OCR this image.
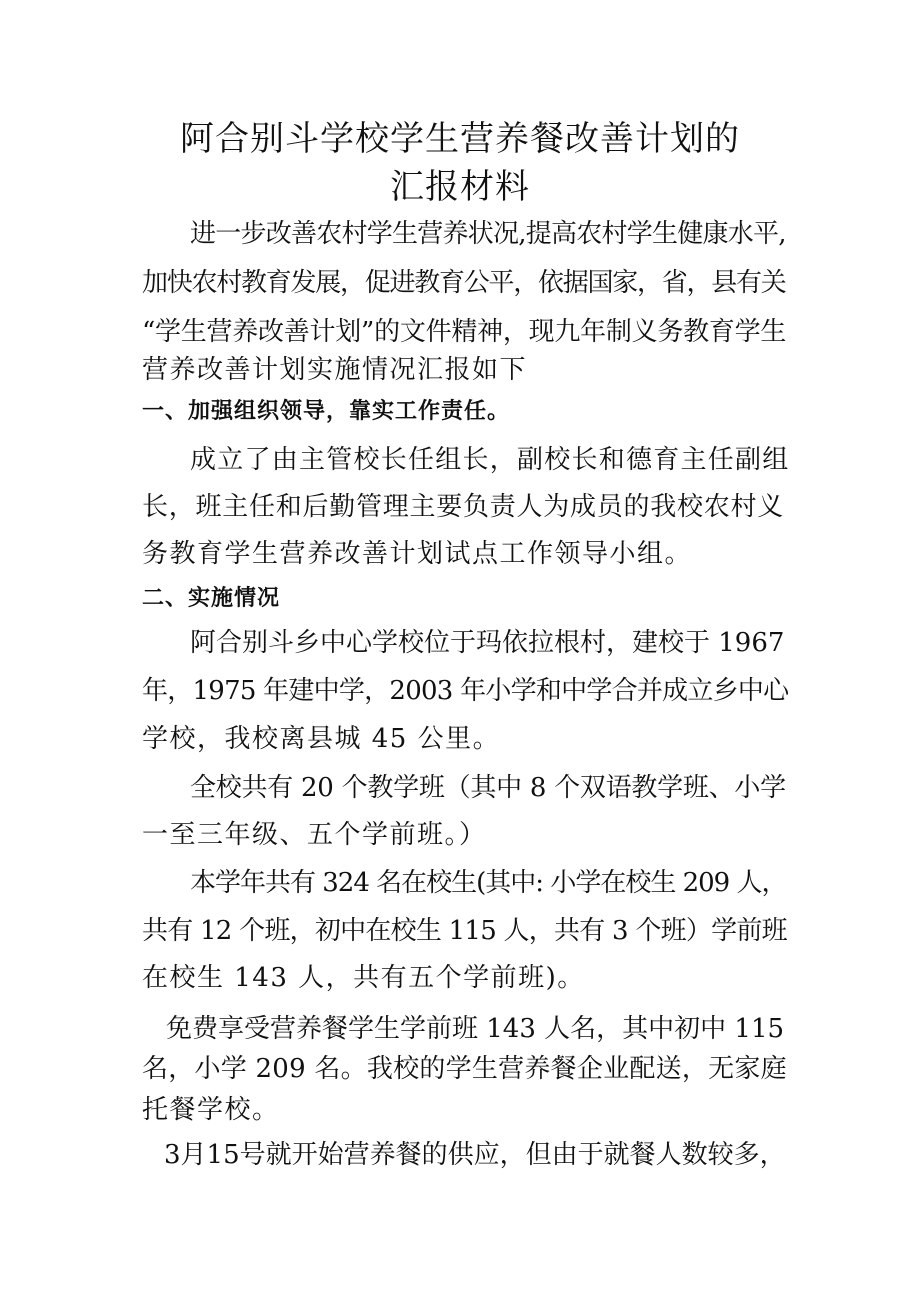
阿合别斗学校学生营养餐改善计划的
汇报材料
进一步改善农村学生营养状况,提高农村学生健康水平,
加快农村教育发展，促进教育公平，依据国家，省，县有关
“学生营养改善计划”的文件精神，现九年制义务教育学生
营养改善计划实施情况汇报如下
一、加强组织领导，靠实工作责任。
成立了由主管校长任组长，副校长和德育主任副组
长，班主任和后勤管理主要负责人为成员的我校农村义
务教育学生营养改善计划试点工作领导小组。
二、实施情况
阿合别斗乡中心学校位于玛依拉根村，建校于 1967
年，1975 年建中学，2003 年小学和中学合并成立乡中心
学校，我校离县城 45 公里。
全校共有 20 个教学班（其中 8 个双语教学班、小学
一至三年级、五个学前班。）
本学年共有 324 名在校生(其中: 小学在校生 209 人，
共有 12 个班，初中在校生 115 人，共有 3 个班）学前班
在校生 143 人，共有五个学前班)。
免费享受营养餐学生学前班 143 人名，其中初中 115
名，小学 209 名。我校的学生营养餐企业配送，无家庭
托餐学校。
3月15号就开始营养餐的供应，但由于就餐人数较多，
